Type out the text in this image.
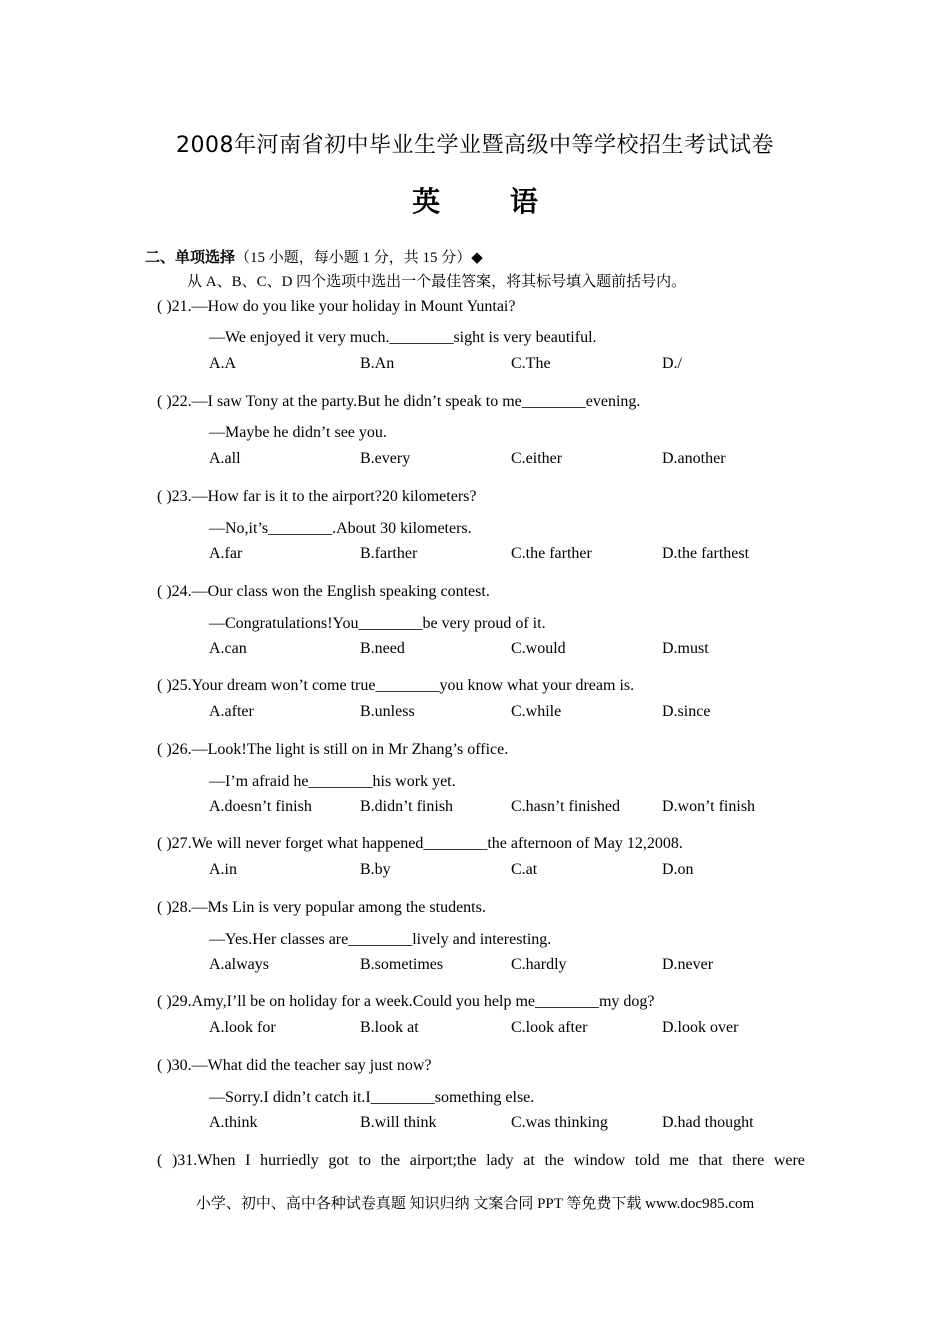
2008年河南省初中毕业生学业暨高级中等学校招生考试试卷
英 语
二、单项选择（15 小题，每小题 1 分，共 15 分）◆
从 A、B、C、D 四个选项中选出一个最佳答案，将其标号填入题前括号内。
( )21.—How do you like your holiday in Mount Yuntai?
—We enjoyed it very much.________sight is very beautiful.
A.A	B.An	C.The	D./
( )22.—I saw Tony at the party.But he didn’t speak to me________evening.
—Maybe he didn’t see you.
A.all	B.every	C.either	D.another
( )23.—How far is it to the airport?20 kilometers?
—No,it’s________.About 30 kilometers.
A.far	B.farther	C.the farther	D.the farthest
( )24.—Our class won the English speaking contest.
—Congratulations!You________be very proud of it.
A.can	B.need	C.would	D.must
( )25.Your dream won’t come true________you know what your dream is.
A.after	B.unless	C.while	D.since
( )26.—Look!The light is still on in Mr Zhang’s office.
—I’m afraid he________his work yet.
A.doesn’t finish	B.didn’t finish	C.hasn’t finished	D.won’t finish
( )27.We will never forget what happened________the afternoon of May 12,2008.
A.in	B.by	C.at	D.on
( )28.—Ms Lin is very popular among the students.
—Yes.Her classes are________lively and interesting.
A.always	B.sometimes	C.hardly	D.never
( )29.Amy,I’ll be on holiday for a week.Could you help me________my dog?
A.look for	B.look at	C.look after	D.look over
( )30.—What did the teacher say just now?
—Sorry.I didn’t catch it.I________something else.
A.think	B.will think	C.was thinking	D.had thought
( )31.When I hurriedly got to the airport;the lady at the window told me that there were
小学、初中、高中各种试卷真题 知识归纳 文案合同 PPT 等免费下载 www.doc985.com
